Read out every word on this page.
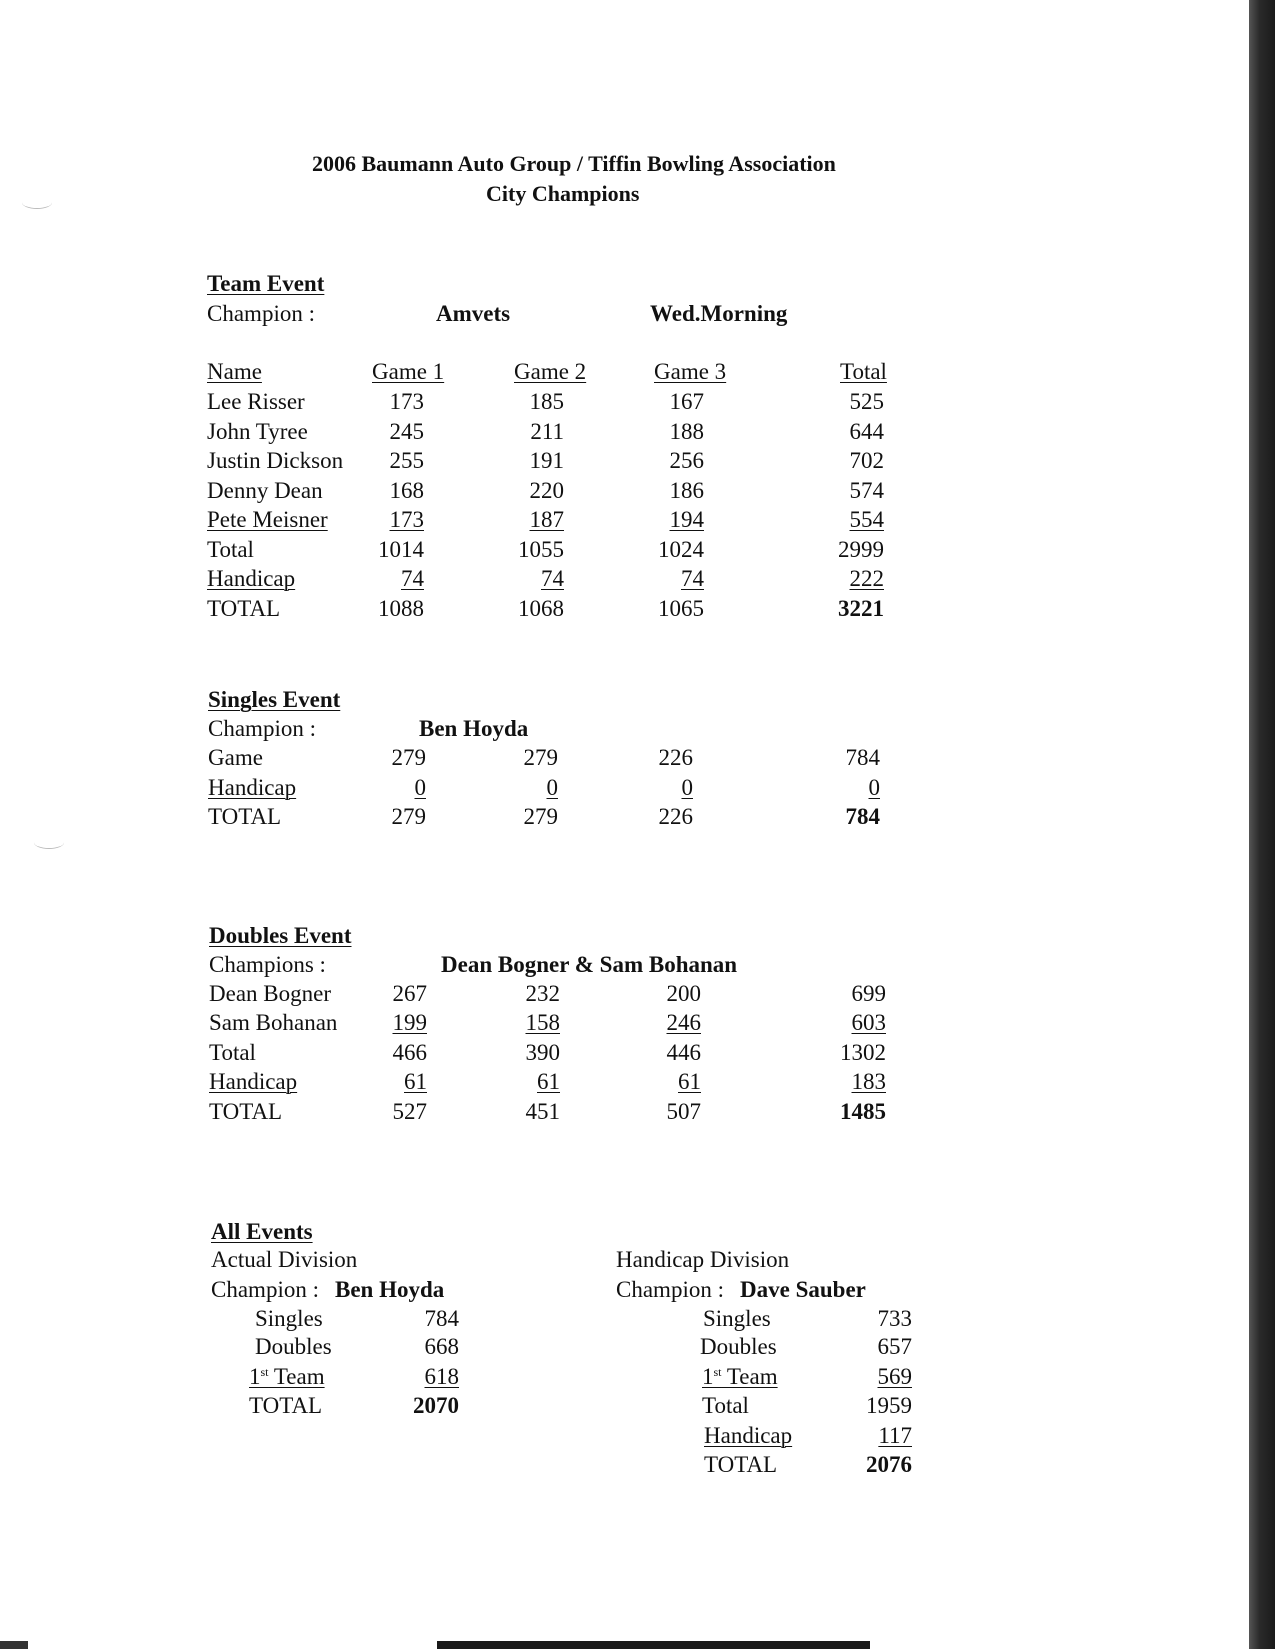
2006 Baumann Auto Group / Tiffin Bowling Association
City Champions
Team Event
Champion :	Amvets	Wed.Morning
Name	Game 1	Game 2	Game 3	Total
Lee Risser	173	185	167	525
John Tyree	245	211	188	644
Justin Dickson	255	191	256	702
Denny Dean	168	220	186	574
Pete Meisner	173	187	194	554
Total	1014	1055	1024	2999
Handicap	74	74	74	222
TOTAL	1088	1068	1065	3221
Singles Event
Champion :	Ben Hoyda
Game	279	279	226	784
Handicap	0	0	0	0
TOTAL	279	279	226	784
Doubles Event
Champions :	Dean Bogner & Sam Bohanan
Dean Bogner	267	232	200	699
Sam Bohanan	199	158	246	603
Total	466	390	446	1302
Handicap	61	61	61	183
TOTAL	527	451	507	1485
All Events
Actual Division
Champion : Ben Hoyda
Singles	784
Doubles	668
1st Team	618
TOTAL	2070
Handicap Division
Champion : Dave Sauber
Singles	733
Doubles	657
1st Team	569
Total	1959
Handicap	117
TOTAL	2076
